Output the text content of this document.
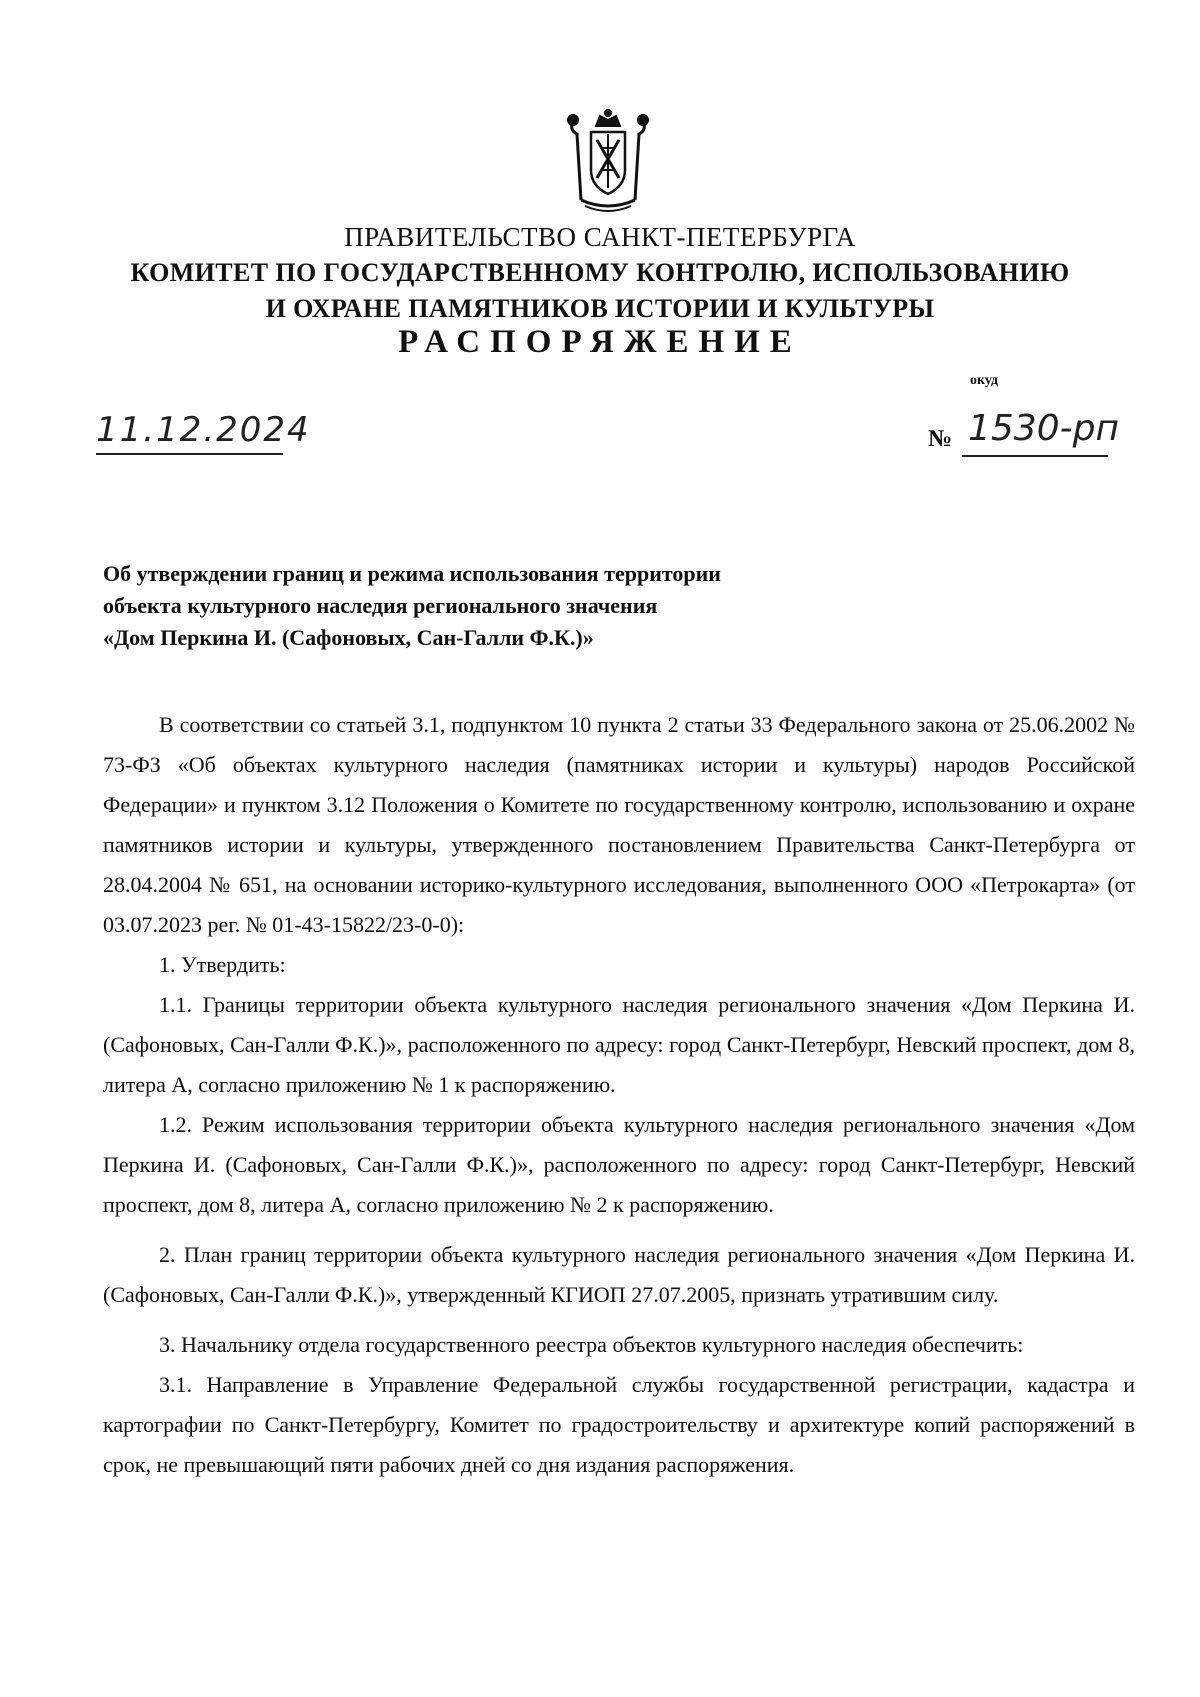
ПРАВИТЕЛЬСТВО САНКТ-ПЕТЕРБУРГА
КОМИТЕТ ПО ГОСУДАРСТВЕННОМУ КОНТРОЛЮ, ИСПОЛЬЗОВАНИЮ
И ОХРАНЕ ПАМЯТНИКОВ ИСТОРИИ И КУЛЬТУРЫ
РАСПОРЯЖЕНИЕ
окуд
11.12.2024	№ 1530-рп
Об утверждении границ и режима использования территории
объекта культурного наследия регионального значения
«Дом Перкина И. (Сафоновых, Сан-Галли Ф.К.)»

В соответствии со статьей 3.1, подпунктом 10 пункта 2 статьи 33 Федерального закона от 25.06.2002 № 73-ФЗ «Об объектах культурного наследия (памятниках истории и культуры) народов Российской Федерации» и пунктом 3.12 Положения о Комитете по государственному контролю, использованию и охране памятников истории и культуры, утвержденного постановлением Правительства Санкт-Петербурга от 28.04.2004 № 651, на основании историко-культурного исследования, выполненного ООО «Петрокарта» (от 03.07.2023 рег. № 01-43-15822/23-0-0):

1. Утвердить:

1.1. Границы территории объекта культурного наследия регионального значения «Дом Перкина И. (Сафоновых, Сан-Галли Ф.К.)», расположенного по адресу: город Санкт-Петербург, Невский проспект, дом 8, литера А, согласно приложению № 1 к распоряжению.

1.2. Режим использования территории объекта культурного наследия регионального значения «Дом Перкина И. (Сафоновых, Сан-Галли Ф.К.)», расположенного по адресу: город Санкт-Петербург, Невский проспект, дом 8, литера А, согласно приложению № 2 к распоряжению.

2. План границ территории объекта культурного наследия регионального значения «Дом Перкина И. (Сафоновых, Сан-Галли Ф.К.)», утвержденный КГИОП 27.07.2005, признать утратившим силу.

3. Начальнику отдела государственного реестра объектов культурного наследия обеспечить:

3.1. Направление в Управление Федеральной службы государственной регистрации, кадастра и картографии по Санкт-Петербургу, Комитет по градостроительству и архитектуре копий распоряжений в срок, не превышающий пяти рабочих дней со дня издания распоряжения.
